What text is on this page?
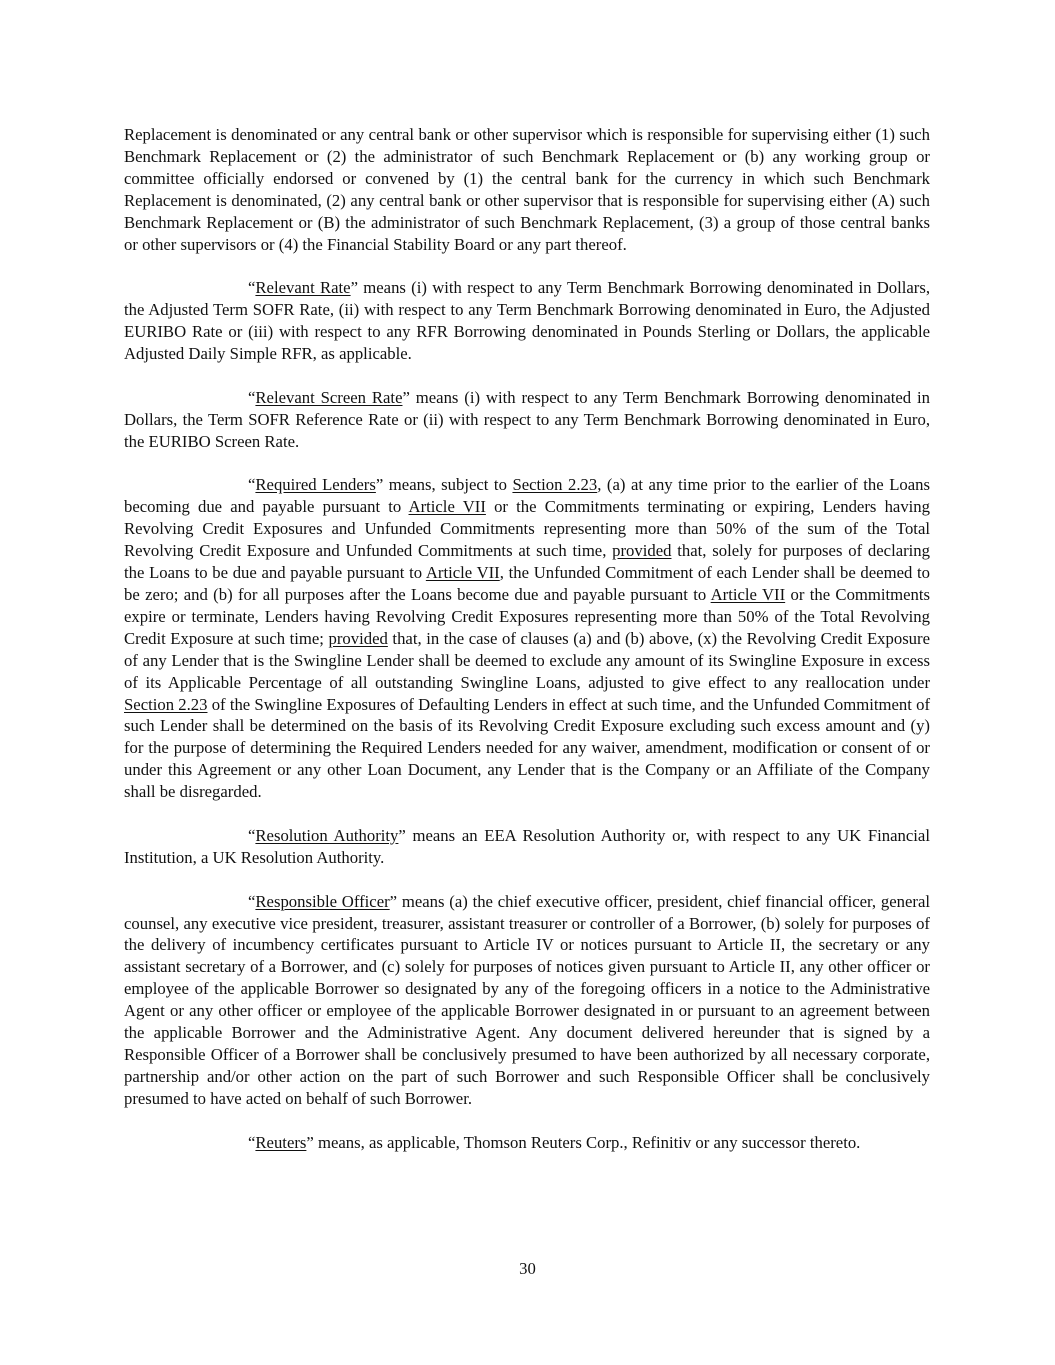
Replacement is denominated or any central bank or other supervisor which is responsible for supervising either (1) such Benchmark Replacement or (2) the administrator of such Benchmark Replacement or (b) any working group or committee officially endorsed or convened by (1) the central bank for the currency in which such Benchmark Replacement is denominated, (2) any central bank or other supervisor that is responsible for supervising either (A) such Benchmark Replacement or (B) the administrator of such Benchmark Replacement, (3) a group of those central banks or other supervisors or (4) the Financial Stability Board or any part thereof.

“Relevant Rate” means (i) with respect to any Term Benchmark Borrowing denominated in Dollars, the Adjusted Term SOFR Rate, (ii) with respect to any Term Benchmark Borrowing denominated in Euro, the Adjusted EURIBO Rate or (iii) with respect to any RFR Borrowing denominated in Pounds Sterling or Dollars, the applicable Adjusted Daily Simple RFR, as applicable.

“Relevant Screen Rate” means (i) with respect to any Term Benchmark Borrowing denominated in Dollars, the Term SOFR Reference Rate or (ii) with respect to any Term Benchmark Borrowing denominated in Euro, the EURIBO Screen Rate.

“Required Lenders” means, subject to Section 2.23, (a) at any time prior to the earlier of the Loans becoming due and payable pursuant to Article VII or the Commitments terminating or expiring, Lenders having Revolving Credit Exposures and Unfunded Commitments representing more than 50% of the sum of the Total Revolving Credit Exposure and Unfunded Commitments at such time, provided that, solely for purposes of declaring the Loans to be due and payable pursuant to Article VII, the Unfunded Commitment of each Lender shall be deemed to be zero; and (b) for all purposes after the Loans become due and payable pursuant to Article VII or the Commitments expire or terminate, Lenders having Revolving Credit Exposures representing more than 50% of the Total Revolving Credit Exposure at such time; provided that, in the case of clauses (a) and (b) above, (x) the Revolving Credit Exposure of any Lender that is the Swingline Lender shall be deemed to exclude any amount of its Swingline Exposure in excess of its Applicable Percentage of all outstanding Swingline Loans, adjusted to give effect to any reallocation under Section 2.23 of the Swingline Exposures of Defaulting Lenders in effect at such time, and the Unfunded Commitment of such Lender shall be determined on the basis of its Revolving Credit Exposure excluding such excess amount and (y) for the purpose of determining the Required Lenders needed for any waiver, amendment, modification or consent of or under this Agreement or any other Loan Document, any Lender that is the Company or an Affiliate of the Company shall be disregarded.

“Resolution Authority” means an EEA Resolution Authority or, with respect to any UK Financial Institution, a UK Resolution Authority.

“Responsible Officer” means (a) the chief executive officer, president, chief financial officer, general counsel, any executive vice president, treasurer, assistant treasurer or controller of a Borrower, (b) solely for purposes of the delivery of incumbency certificates pursuant to Article IV or notices pursuant to Article II, the secretary or any assistant secretary of a Borrower, and (c) solely for purposes of notices given pursuant to Article II, any other officer or employee of the applicable Borrower so designated by any of the foregoing officers in a notice to the Administrative Agent or any other officer or employee of the applicable Borrower designated in or pursuant to an agreement between the applicable Borrower and the Administrative Agent. Any document delivered hereunder that is signed by a Responsible Officer of a Borrower shall be conclusively presumed to have been authorized by all necessary corporate, partnership and/or other action on the part of such Borrower and such Responsible Officer shall be conclusively presumed to have acted on behalf of such Borrower.

“Reuters” means, as applicable, Thomson Reuters Corp., Refinitiv or any successor thereto.

30
